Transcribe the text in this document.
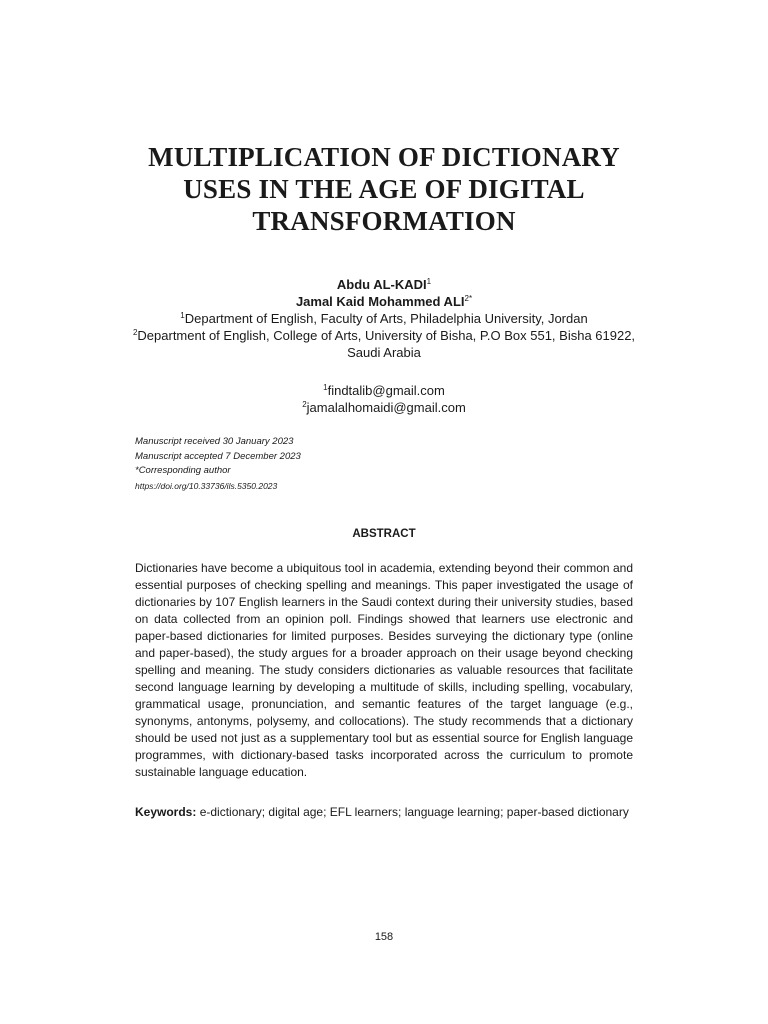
MULTIPLICATION OF DICTIONARY
USES IN THE AGE OF DIGITAL
TRANSFORMATION
Abdu AL-KADI$^1$
Jamal Kaid Mohammed $ALI^{2*}$
$^1$Department of English, Faculty of Arts, Philadelphia University, Jordan
$^2$Department of English, College of Arts, University of Bisha, P.O Box 551, Bisha 61922,
Saudi Arabia
$^1$findtalib@gmail.com
$^2$jamalalhomaidi@gmail.com
Manuscript received 30 January 2023
Manuscript accepted 7 December 2023
*Corresponding author
https://doi.org/10.33736/ils.5350.2023
ABSTRACT

Dictionaries have become a ubiquitous tool in academia, extending beyond their common and essential purposes of checking spelling and meanings. This paper investigated the usage of dictionaries by 107 English learners in the Saudi context during their university studies, based on data collected from an opinion poll. Findings showed that learners use electronic and paper-based dictionaries for limited purposes. Besides surveying the dictionary type (online and paper-based), the study argues for a broader approach on their usage beyond checking spelling and meaning. The study considers dictionaries as valuable resources that facilitate second language learning by developing a multitude of skills, including spelling, vocabulary, grammatical usage, pronunciation, and semantic features of the target language (e.g., synonyms, antonyms, polysemy, and collocations). The study recommends that a dictionary should be used not just as a supplementary tool but as essential source for English language programmes, with dictionary-based tasks incorporated across the curriculum to promote sustainable language education.

Keywords: e-dictionary; digital age; EFL learners; language learning; paper-based dictionary

158
